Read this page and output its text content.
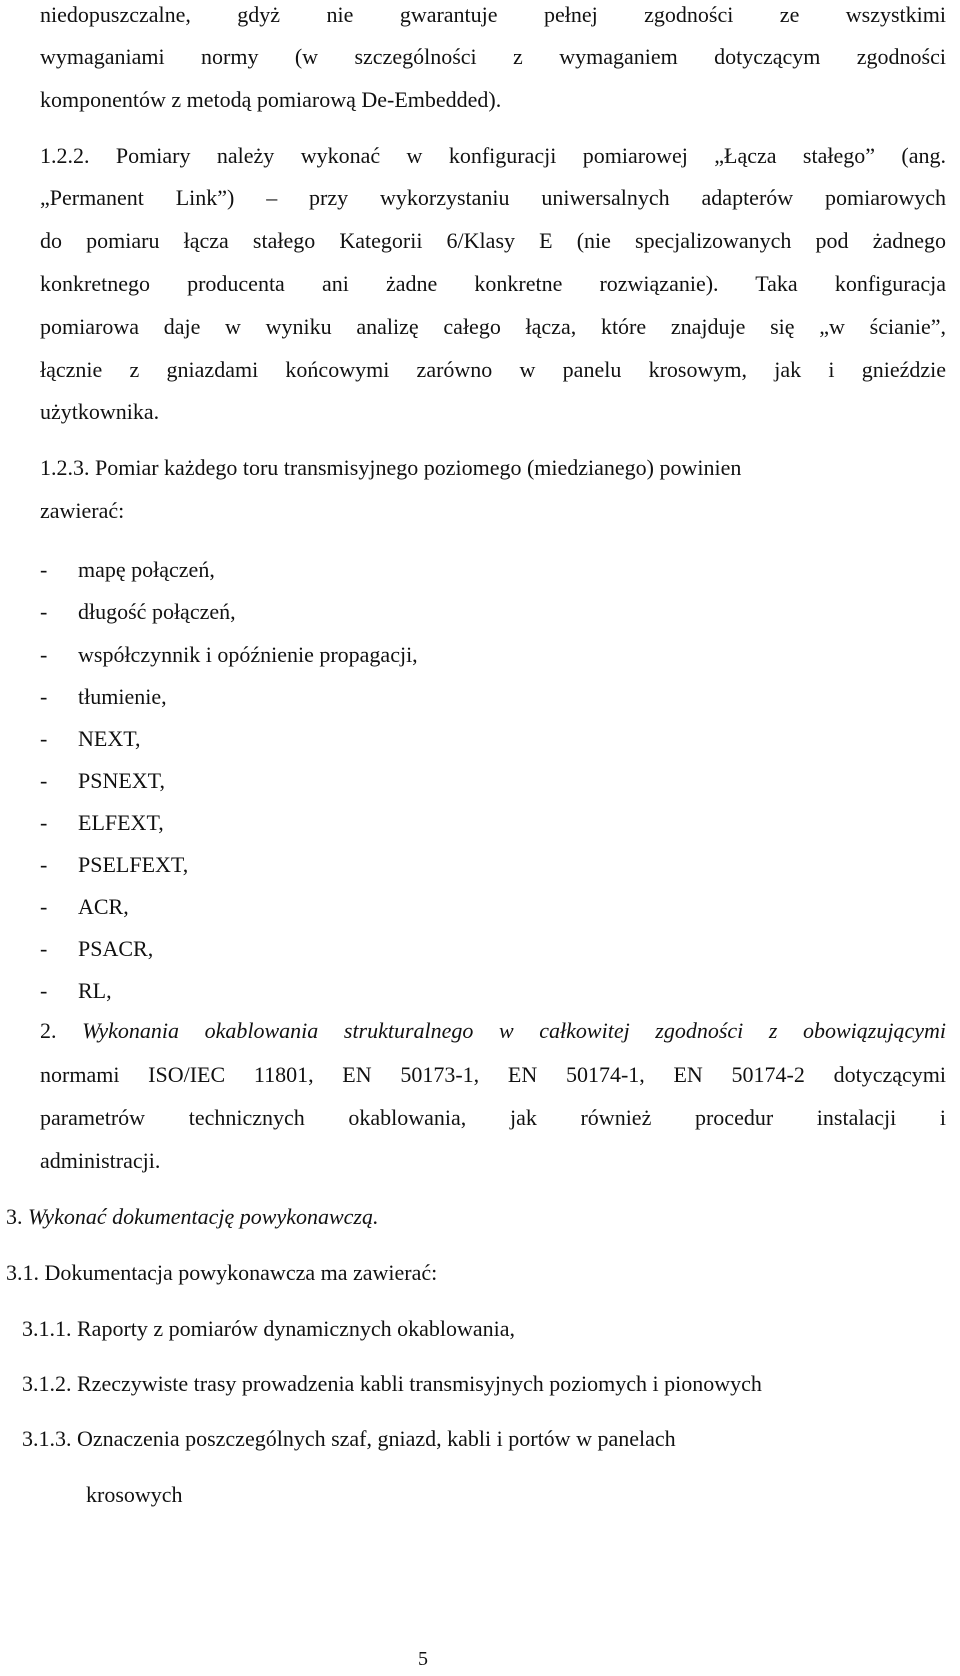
niedopuszczalne, gdyż nie gwarantuje pełnej zgodności ze wszystkimi
wymaganiami normy (w szczególności z wymaganiem dotyczącym zgodności
komponentów z metodą pomiarową De-Embedded).
1.2.2. Pomiary należy wykonać w konfiguracji pomiarowej „Łącza stałego” (ang.
„Permanent Link”) – przy wykorzystaniu uniwersalnych adapterów pomiarowych
do pomiaru łącza stałego Kategorii 6/Klasy E (nie specjalizowanych pod żadnego
konkretnego producenta ani żadne konkretne rozwiązanie). Taka konfiguracja
pomiarowa daje w wyniku analizę całego łącza, które znajduje się „w ścianie”,
łącznie z gniazdami końcowymi zarówno w panelu krosowym, jak i gnieździe
użytkownika.
1.2.3. Pomiar każdego toru transmisyjnego poziomego (miedzianego) powinien
zawierać:
- mapę połączeń,
- długość połączeń,
- współczynnik i opóźnienie propagacji,
- tłumienie,
- NEXT,
- PSNEXT,
- ELFEXT,
- PSELFEXT,
- ACR,
- PSACR,
- RL,
2. Wykonania okablowania strukturalnego w całkowitej zgodności z obowiązującymi
normami ISO/IEC 11801, EN 50173-1, EN 50174-1, EN 50174-2 dotyczącymi
parametrów technicznych okablowania, jak również procedur instalacji i
administracji.
3. Wykonać dokumentację powykonawczą.
3.1. Dokumentacja powykonawcza ma zawierać:
3.1.1. Raporty z pomiarów dynamicznych okablowania,
3.1.2. Rzeczywiste trasy prowadzenia kabli transmisyjnych poziomych i pionowych
3.1.3. Oznaczenia poszczególnych szaf, gniazd, kabli i portów w panelach
krosowych
5
